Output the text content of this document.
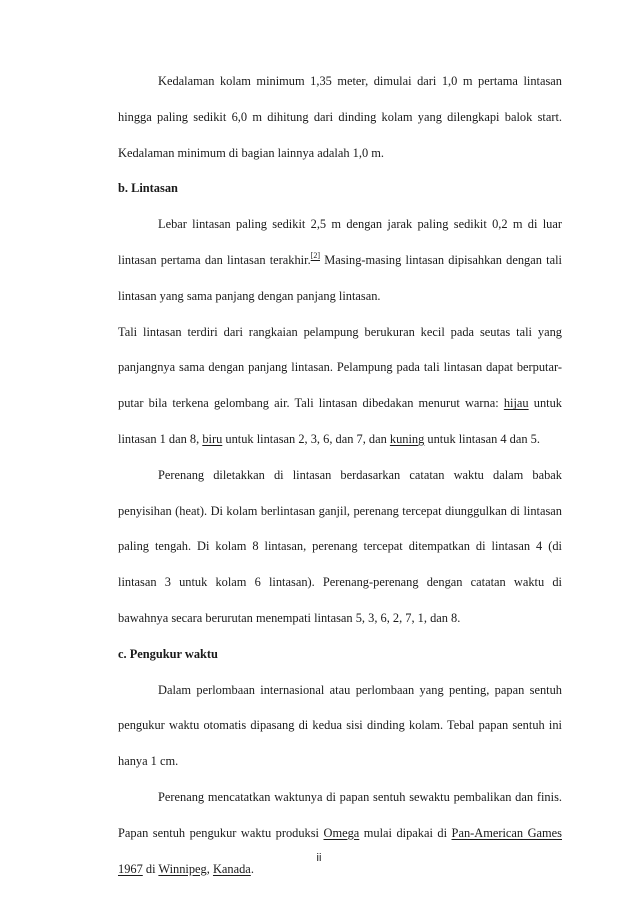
Kedalaman kolam minimum 1,35 meter, dimulai dari 1,0 m pertama lintasan hingga paling sedikit 6,0 m dihitung dari dinding kolam yang dilengkapi balok start. Kedalaman minimum di bagian lainnya adalah 1,0 m.

b. Lintasan

Lebar lintasan paling sedikit 2,5 m dengan jarak paling sedikit 0,2 m di luar lintasan pertama dan lintasan terakhir.[2] Masing-masing lintasan dipisahkan dengan tali lintasan yang sama panjang dengan panjang lintasan.

Tali lintasan terdiri dari rangkaian pelampung berukuran kecil pada seutas tali yang panjangnya sama dengan panjang lintasan. Pelampung pada tali lintasan dapat berputar-putar bila terkena gelombang air. Tali lintasan dibedakan menurut warna: hijau untuk lintasan 1 dan 8, biru untuk lintasan 2, 3, 6, dan 7, dan kuning untuk lintasan 4 dan 5.

Perenang diletakkan di lintasan berdasarkan catatan waktu dalam babak penyisihan (heat). Di kolam berlintasan ganjil, perenang tercepat diunggulkan di lintasan paling tengah. Di kolam 8 lintasan, perenang tercepat ditempatkan di lintasan 4 (di lintasan 3 untuk kolam 6 lintasan). Perenang-perenang dengan catatan waktu di bawahnya secara berurutan menempati lintasan 5, 3, 6, 2, 7, 1, dan 8.

c. Pengukur waktu

Dalam perlombaan internasional atau perlombaan yang penting, papan sentuh pengukur waktu otomatis dipasang di kedua sisi dinding kolam. Tebal papan sentuh ini hanya 1 cm.

Perenang mencatatkan waktunya di papan sentuh sewaktu pembalikan dan finis. Papan sentuh pengukur waktu produksi Omega mulai dipakai di Pan-American Games 1967 di Winnipeg, Kanada.

ii
